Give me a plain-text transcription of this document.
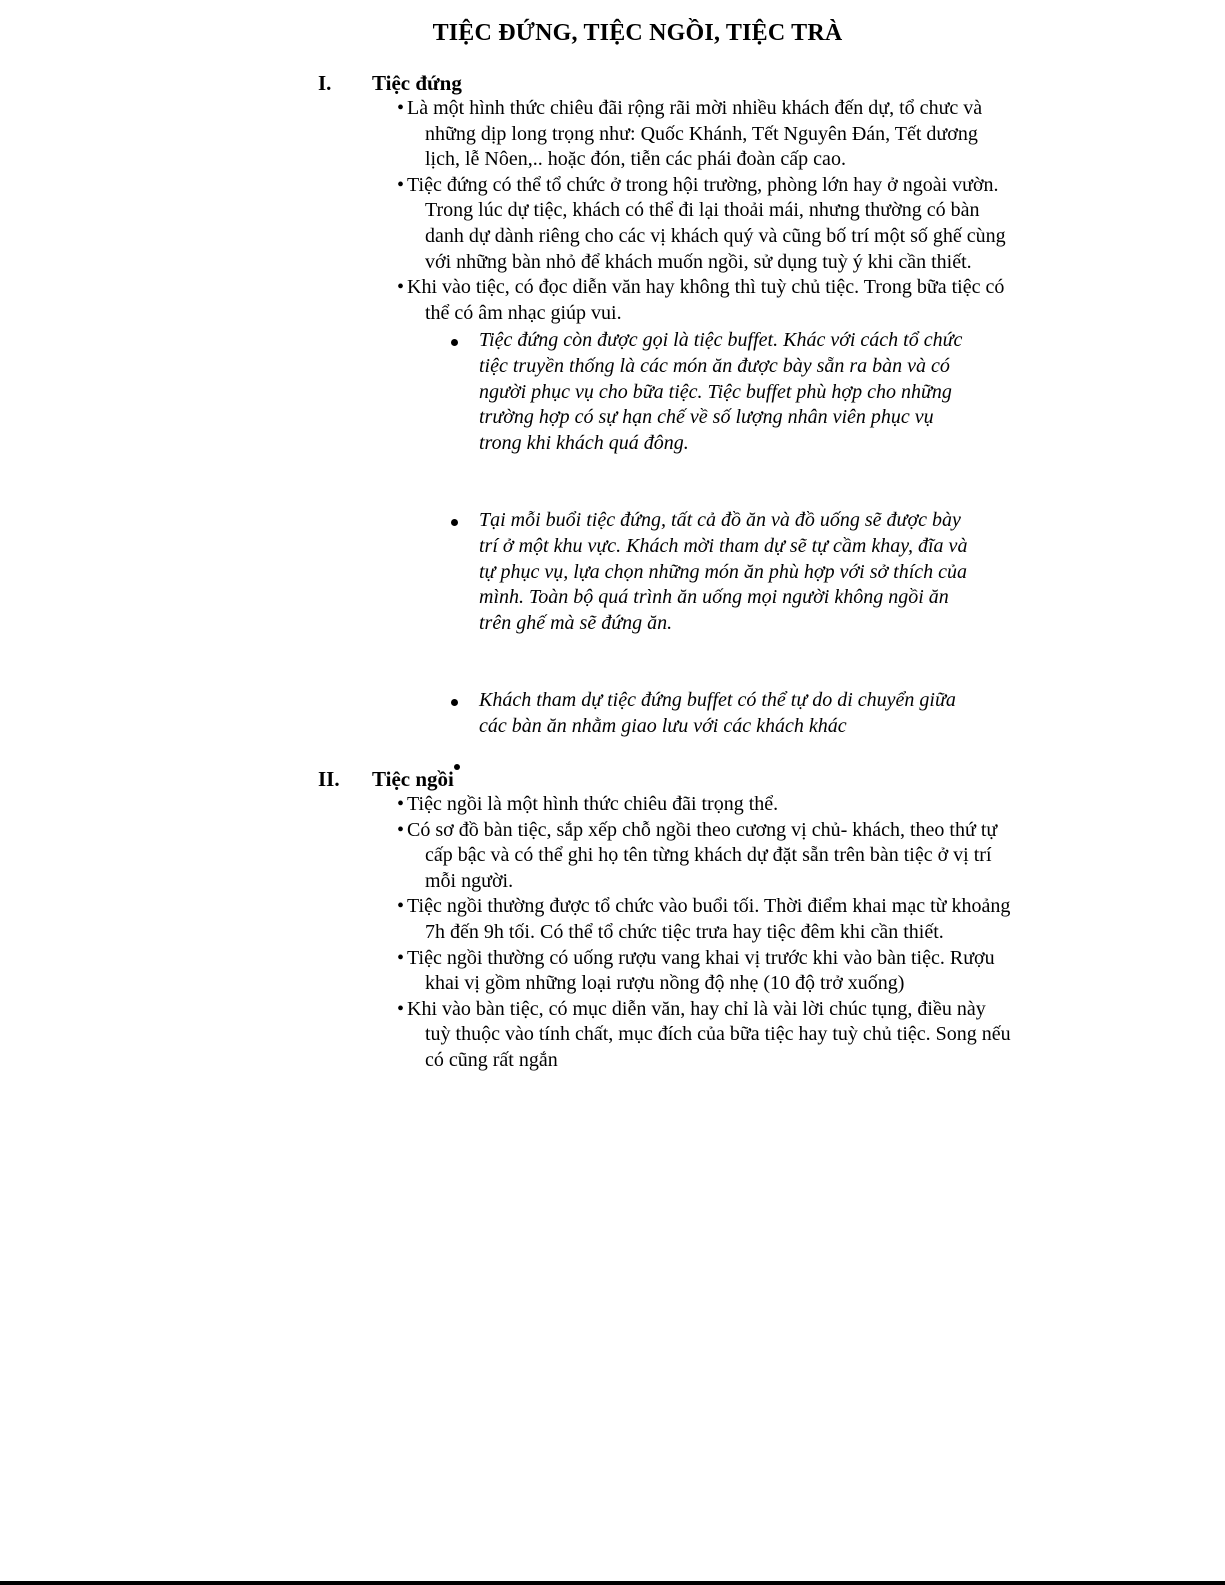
TIỆC ĐỨNG, TIỆC NGỒI, TIỆC TRÀ
I.	Tiệc đứng
• Là một hình thức chiêu đãi rộng rãi mời nhiều khách đến dự, tổ chưc và những dịp long trọng như: Quốc Khánh, Tết Nguyên Đán, Tết dương lịch, lễ Nôen,.. hoặc đón, tiễn các phái đoàn cấp cao.
• Tiệc đứng có thể tổ chức ở trong hội trường, phòng lớn hay ở ngoài vườn. Trong lúc dự tiệc, khách có thể đi lại thoải mái, nhưng thường có bàn danh dự dành riêng cho các vị khách quý và cũng bố trí một số ghế cùng với những bàn nhỏ để khách muốn ngồi, sử dụng tuỳ ý khi cần thiết.
• Khi vào tiệc, có đọc diễn văn hay không thì tuỳ chủ tiệc. Trong bữa tiệc có thể có âm nhạc giúp vui.
Tiệc đứng còn được gọi là tiệc buffet. Khác với cách tổ chức tiệc truyền thống là các món ăn được bày sẵn ra bàn và có người phục vụ cho bữa tiệc. Tiệc buffet phù hợp cho những trường hợp có sự hạn chế về số lượng nhân viên phục vụ trong khi khách quá đông.
Tại mỗi buổi tiệc đứng, tất cả đồ ăn và đồ uống sẽ được bày trí ở một khu vực. Khách mời tham dự sẽ tự cầm khay, đĩa và tự phục vụ, lựa chọn những món ăn phù hợp với sở thích của mình. Toàn bộ quá trình ăn uống mọi người không ngồi ăn trên ghế mà sẽ đứng ăn.
Khách tham dự tiệc đứng buffet có thể tự do di chuyển giữa các bàn ăn nhằm giao lưu với các khách khác
II.	Tiệc ngồi
• Tiệc ngồi là một hình thức chiêu đãi trọng thể.
• Có sơ đồ bàn tiệc, sắp xếp chỗ ngồi theo cương vị chủ- khách, theo thứ tự cấp bậc và có thể ghi họ tên từng khách dự đặt sẵn trên bàn tiệc ở vị trí mỗi người.
• Tiệc ngồi thường được tổ chức vào buổi tối. Thời điểm khai mạc từ khoảng 7h đến 9h tối. Có thể tổ chức tiệc trưa hay tiệc đêm khi cần thiết.
• Tiệc ngồi thường có uống rượu vang khai vị trước khi vào bàn tiệc. Rượu khai vị gồm những loại rượu nồng độ nhẹ (10 độ trở xuống)
• Khi vào bàn tiệc, có mục diễn văn, hay chỉ là vài lời chúc tụng, điều này tuỳ thuộc vào tính chất, mục đích của bữa tiệc hay tuỳ chủ tiệc. Song nếu có cũng rất ngắn
